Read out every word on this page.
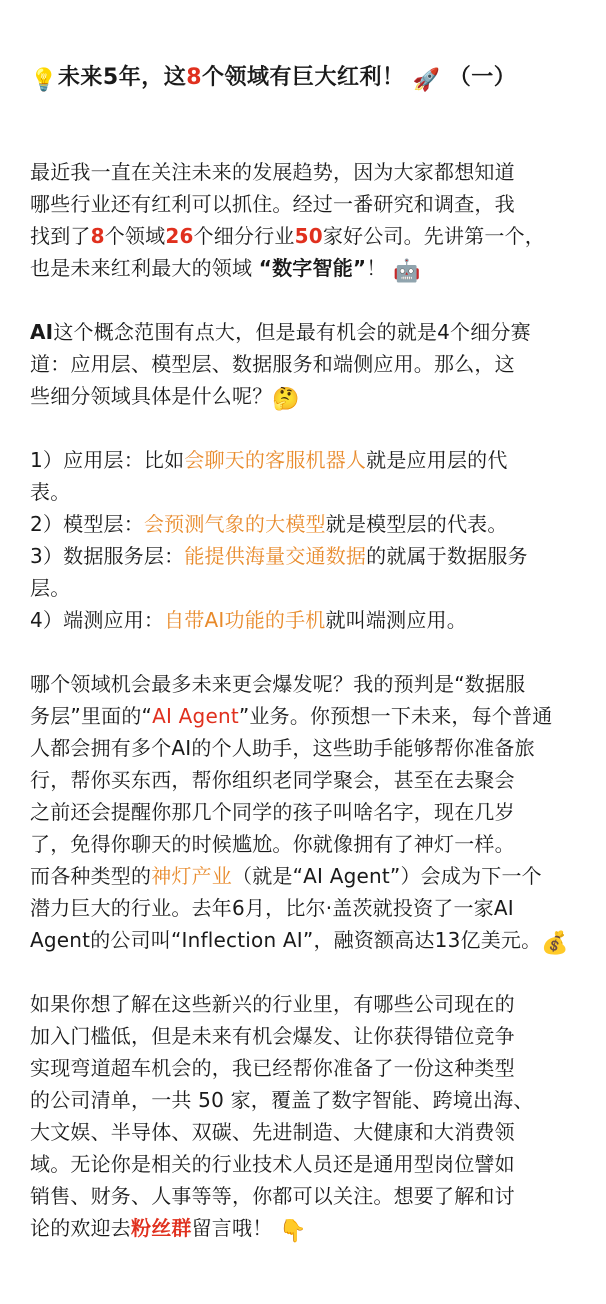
💡未来5年，这8个领域有巨大红利！ 🚀 （一）
最近我一直在关注未来的发展趋势，因为大家都想知道
哪些行业还有红利可以抓住。经过一番研究和调查，我
找到了8个领域26个细分行业50家好公司。先讲第一个，
也是未来红利最大的领域 “数字智能”！ 🤖
AI这个概念范围有点大，但是最有机会的就是4个细分赛
道：应用层、模型层、数据服务和端侧应用。那么，这
些细分领域具体是什么呢？🤔
1）应用层：比如会聊天的客服机器人就是应用层的代
表。
2）模型层：会预测气象的大模型就是模型层的代表。
3）数据服务层：能提供海量交通数据的就属于数据服务
层。
4）端测应用：自带AI功能的手机就叫端测应用。
哪个领域机会最多未来更会爆发呢？我的预判是“数据服
务层”里面的“AI Agent”业务。你预想一下未来，每个普通
人都会拥有多个AI的个人助手，这些助手能够帮你准备旅
行，帮你买东西，帮你组织老同学聚会，甚至在去聚会
之前还会提醒你那几个同学的孩子叫啥名字，现在几岁
了，免得你聊天的时候尴尬。你就像拥有了神灯一样。
而各种类型的神灯产业（就是“AI Agent”）会成为下一个
潜力巨大的行业。去年6月，比尔·盖茨就投资了一家AI
Agent的公司叫“Inflection AI”，融资额高达13亿美元。💰
如果你想了解在这些新兴的行业里，有哪些公司现在的
加入门槛低，但是未来有机会爆发、让你获得错位竞争
实现弯道超车机会的，我已经帮你准备了一份这种类型
的公司清单，一共 50 家，覆盖了数字智能、跨境出海、
大文娱、半导体、双碳、先进制造、大健康和大消费领
域。无论你是相关的行业技术人员还是通用型岗位譬如
销售、财务、人事等等，你都可以关注。想要了解和讨
论的欢迎去粉丝群留言哦！ 👇
